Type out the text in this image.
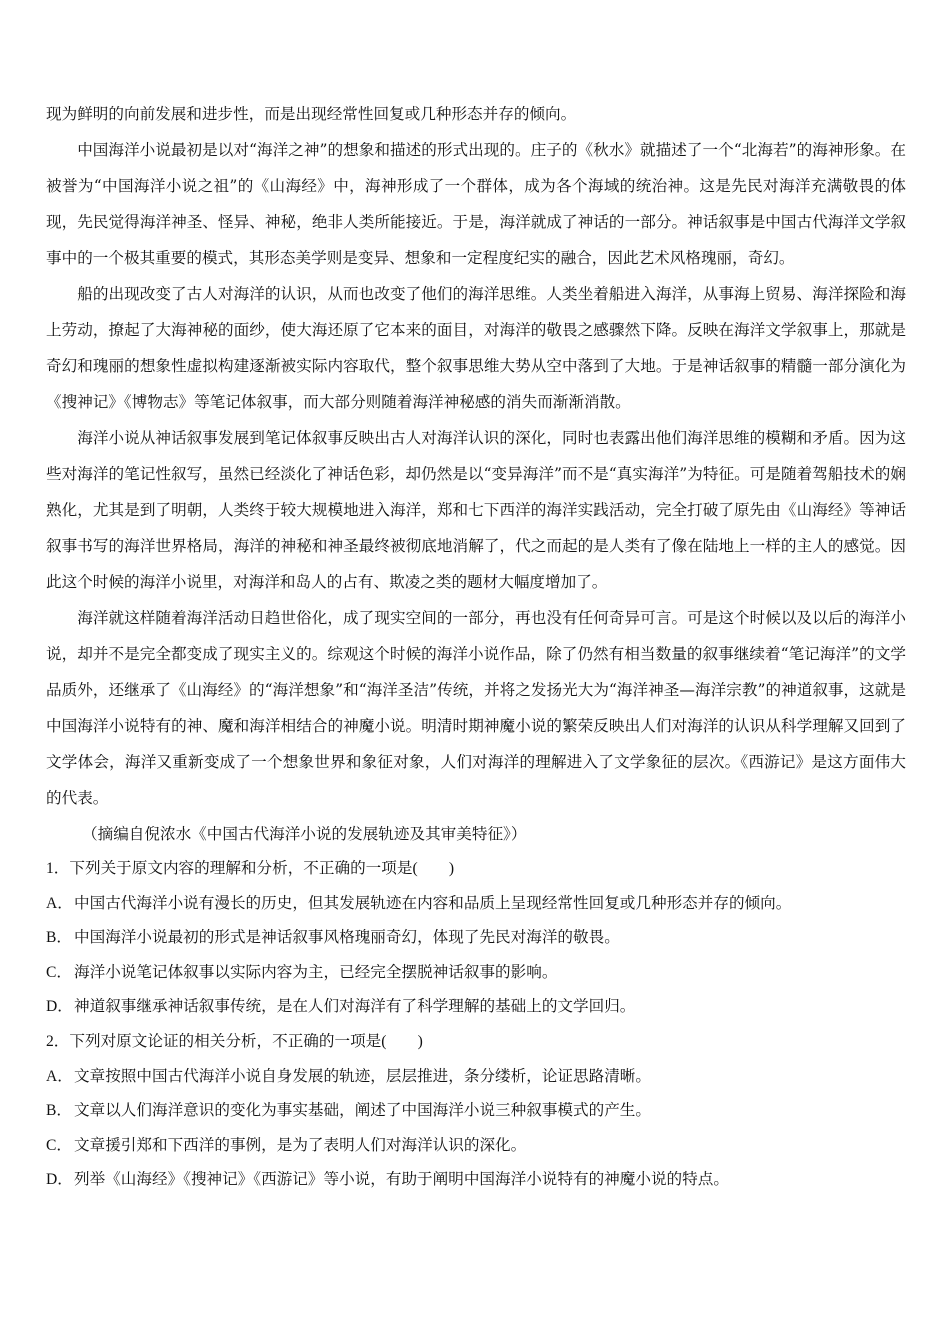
现为鲜明的向前发展和进步性，而是出现经常性回复或几种形态并存的倾向。

中国海洋小说最初是以对“海洋之神”的想象和描述的形式出现的。庄子的《秋水》就描述了一个“北海若”的海神形象。在被誉为“中国海洋小说之祖”的《山海经》中，海神形成了一个群体，成为各个海域的统治神。这是先民对海洋充满敬畏的体现，先民觉得海洋神圣、怪异、神秘，绝非人类所能接近。于是，海洋就成了神话的一部分。神话叙事是中国古代海洋文学叙事中的一个极其重要的模式，其形态美学则是变异、想象和一定程度纪实的融合，因此艺术风格瑰丽，奇幻。

船的出现改变了古人对海洋的认识，从而也改变了他们的海洋思维。人类坐着船进入海洋，从事海上贸易、海洋探险和海上劳动，撩起了大海神秘的面纱，使大海还原了它本来的面目，对海洋的敬畏之感骤然下降。反映在海洋文学叙事上，那就是奇幻和瑰丽的想象性虚拟构建逐渐被实际内容取代，整个叙事思维大势从空中落到了大地。于是神话叙事的精髓一部分演化为《搜神记》《博物志》等笔记体叙事，而大部分则随着海洋神秘感的消失而渐渐消散。

海洋小说从神话叙事发展到笔记体叙事反映出古人对海洋认识的深化，同时也表露出他们海洋思维的模糊和矛盾。因为这些对海洋的笔记性叙写，虽然已经淡化了神话色彩，却仍然是以“变异海洋”而不是“真实海洋”为特征。可是随着驾船技术的娴熟化，尤其是到了明朝，人类终于较大规模地进入海洋，郑和七下西洋的海洋实践活动，完全打破了原先由《山海经》等神话叙事书写的海洋世界格局，海洋的神秘和神圣最终被彻底地消解了，代之而起的是人类有了像在陆地上一样的主人的感觉。因此这个时候的海洋小说里，对海洋和岛人的占有、欺凌之类的题材大幅度增加了。

海洋就这样随着海洋活动日趋世俗化，成了现实空间的一部分，再也没有任何奇异可言。可是这个时候以及以后的海洋小说，却并不是完全都变成了现实主义的。综观这个时候的海洋小说作品，除了仍然有相当数量的叙事继续着“笔记海洋”的文学品质外，还继承了《山海经》的“海洋想象”和“海洋圣洁”传统，并将之发扬光大为“海洋神圣—海洋宗教”的神道叙事，这就是中国海洋小说特有的神、魔和海洋相结合的神魔小说。明清时期神魔小说的繁荣反映出人们对海洋的认识从科学理解又回到了文学体会，海洋又重新变成了一个想象世界和象征对象，人们对海洋的理解进入了文学象征的层次。《西游记》是这方面伟大的代表。

（摘编自倪浓水《中国古代海洋小说的发展轨迹及其审美特征》）

1．下列关于原文内容的理解和分析，不正确的一项是(　　)

A．中国古代海洋小说有漫长的历史，但其发展轨迹在内容和品质上呈现经常性回复或几种形态并存的倾向。

B． 中国海洋小说最初的形式是神话叙事风格瑰丽奇幻，体现了先民对海洋的敬畏。

C． 海洋小说笔记体叙事以实际内容为主，已经完全摆脱神话叙事的影响。

D．神道叙事继承神话叙事传统，是在人们对海洋有了科学理解的基础上的文学回归。

2．下列对原文论证的相关分析，不正确的一项是(　　)

A．文章按照中国古代海洋小说自身发展的轨迹，层层推进，条分缕析，论证思路清晰。

B． 文章以人们海洋意识的变化为事实基础，阐述了中国海洋小说三种叙事模式的产生。

C． 文章援引郑和下西洋的事例，是为了表明人们对海洋认识的深化。

D．列举《山海经》《搜神记》《西游记》等小说，有助于阐明中国海洋小说特有的神魔小说的特点。
